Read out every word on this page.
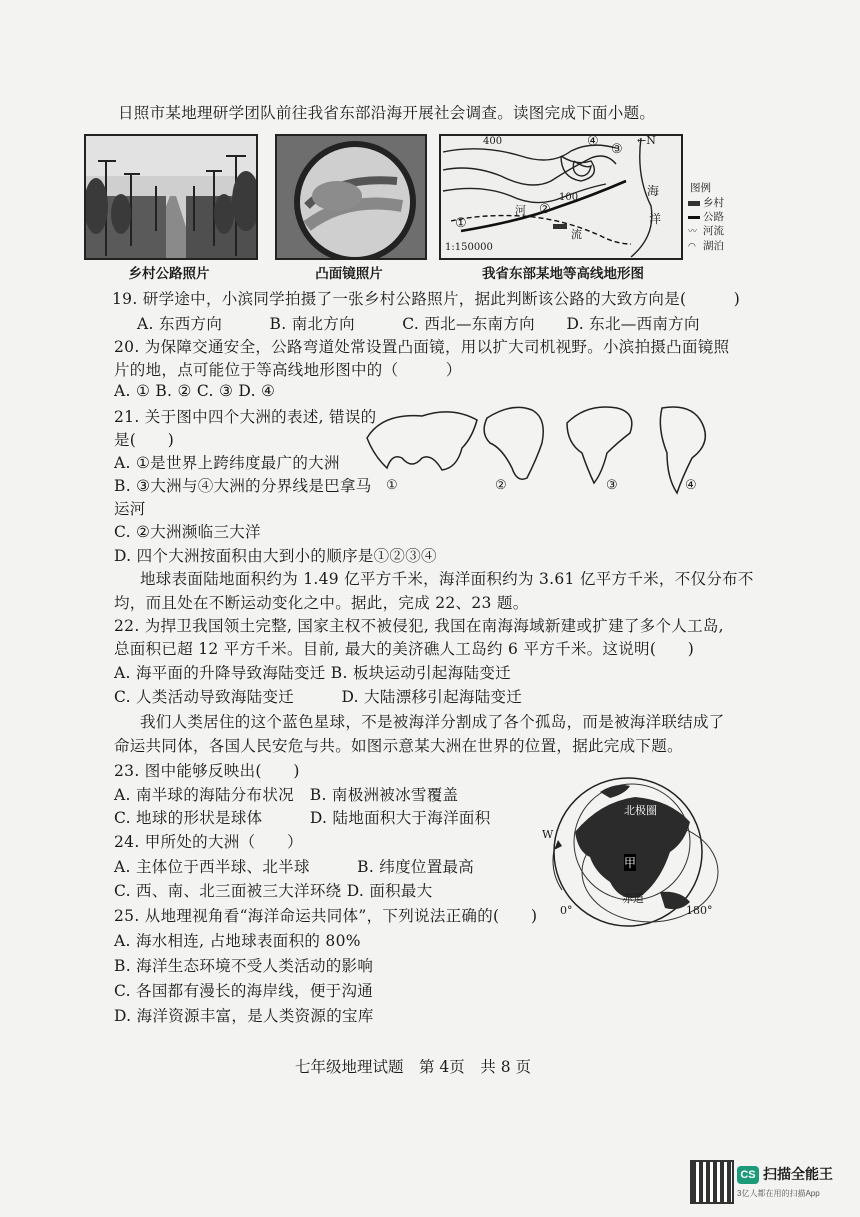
日照市某地理研学团队前往我省东部沿海开展社会调查。读图完成下面小题。
乡村公路照片	凸面镜照片
400
100
①
②
③
④	←N
海
洋
河
流
1:150000
图例
乡村
公路
〰 河流
◠ 湖泊
我省东部某地等高线地形图
19. 研学途中，小滨同学拍摄了一张乡村公路照片，据此判断该公路的大致方向是(　　　)
A. 东西方向　　　B. 南北方向　　　C. 西北—东南方向　　D. 东北—西南方向
20. 为保障交通安全，公路弯道处常设置凸面镜，用以扩大司机视野。小滨拍摄凸面镜照
片的地，点可能位于等高线地形图中的（　　　）
A. ① B. ② C. ③ D. ④
21. 关于图中四个大洲的表述, 错误的
是(　　)
A. ①是世界上跨纬度最广的大洲
B. ③大洲与④大洲的分界线是巴拿马
运河
C. ②大洲濒临三大洋
D. 四个大洲按面积由大到小的顺序是①②③④
①	②	③	④
地球表面陆地面积约为 1.49 亿平方千米，海洋面积约为 3.61 亿平方千米，不仅分布不
均，而且处在不断运动变化之中。据此，完成 22、23 题。
22. 为捍卫我国领土完整, 国家主权不被侵犯, 我国在南海海域新建或扩建了多个人工岛,
总面积已超 12 平方千米。目前, 最大的美济礁人工岛约 6 平方千米。这说明(　　)
A. 海平面的升降导致海陆变迁 B. 板块运动引起海陆变迁
C. 人类活动导致海陆变迁　　　D. 大陆漂移引起海陆变迁
我们人类居住的这个蓝色星球，不是被海洋分割成了各个孤岛，而是被海洋联结成了
命运共同体，各国人民安危与共。如图示意某大洲在世界的位置，据此完成下题。
23. 图中能够反映出(　　)
A. 南半球的海陆分布状况　B. 南极洲被冰雪覆盖
C. 地球的形状是球体　　　D. 陆地面积大于海洋面积
24. 甲所处的大洲（　　）
A. 主体位于西半球、北半球　　　B. 纬度位置最高
C. 西、南、北三面被三大洋环绕 D. 面积最大
25. 从地理视角看“海洋命运共同体”，下列说法正确的(　　)
A. 海水相连, 占地球表面积的 80%
B. 海洋生态环境不受人类活动的影响
C. 各国都有漫长的海岸线，便于沟通
D. 海洋资源丰富，是人类资源的宝库
北极圈
甲
赤道
W
0°	180°
七年级地理试题　第 4页　共 8 页
CS 扫描全能王
3亿人都在用的扫描App
